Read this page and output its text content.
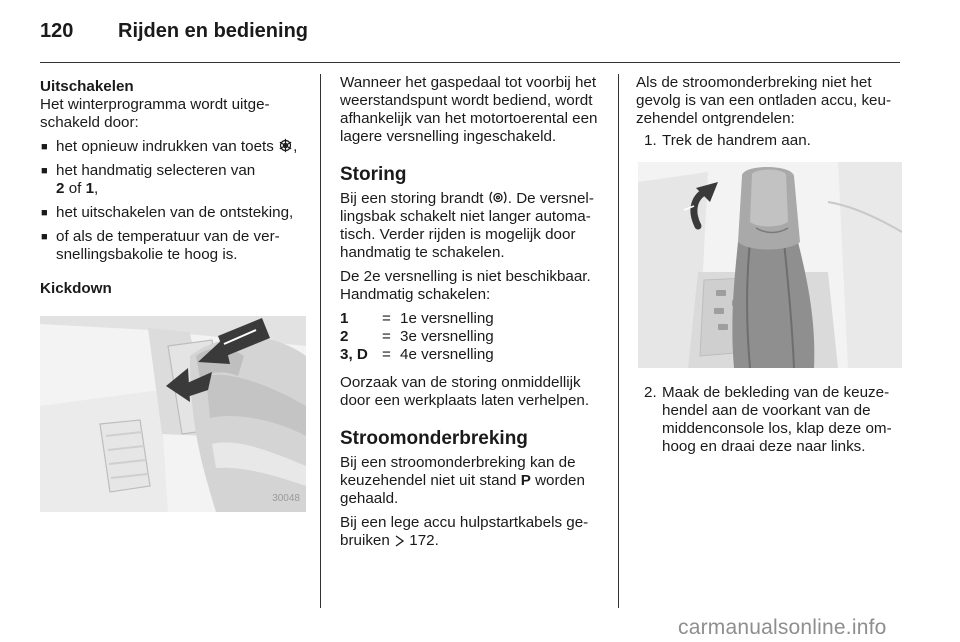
120 Rijden en bediening

Uitschakelen

Het winterprogramma wordt uitgeschakeld door:

■ het opnieuw indrukken van toets ,
■ het handmatig selecteren van
2 of 1,
■ het uitschakelen van de ontsteking,
■ of als de temperatuur van de versnellingsbakolie te hoog is.

Kickdown

30048

Wanneer het gaspedaal tot voorbij het weerstandspunt wordt bediend, wordt afhankelijk van het motortoerental een lagere versnelling ingeschakeld.

Storing

Bij een storing brandt . De versnellingsbak schakelt niet langer automatisch. Verder rijden is mogelijk door handmatig te schakelen.

De 2e versnelling is niet beschikbaar. Handmatig schakelen:

1	=	1e versnelling
2	=	3e versnelling
3, D	=	4e versnelling

Oorzaak van de storing onmiddellijk door een werkplaats laten verhelpen.

Stroomonderbreking

Bij een stroomonderbreking kan de keuzehendel niet uit stand P worden gehaald.

Bij een lege accu hulpstartkabels gebruiken 172.

Als de stroomonderbreking niet het gevolg is van een ontladen accu, keuzehendel ontgrendelen:

1. Trek de handrem aan.
2. Maak de bekleding van de keuzehendel aan de voorkant van de middenconsole los, klap deze omhoog en draai deze naar links.
carmanualsonline.info
